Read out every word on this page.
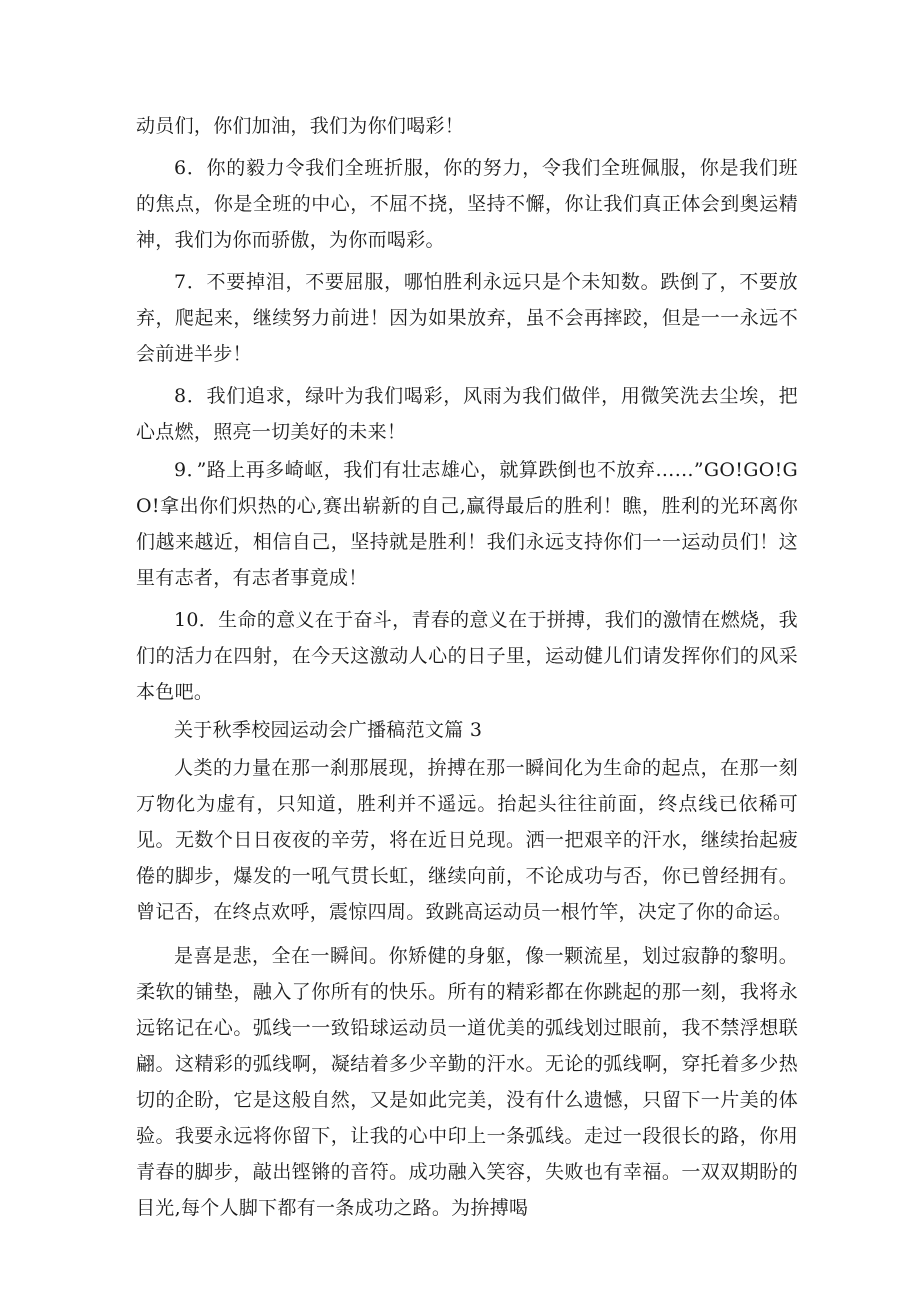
动员们，你们加油，我们为你们喝彩！

6．你的毅力令我们全班折服，你的努力，令我们全班佩服，你是我们班的焦点，你是全班的中心，不屈不挠，坚持不懈，你让我们真正体会到奥运精神，我们为你而骄傲，为你而喝彩。

7．不要掉泪，不要屈服，哪怕胜利永远只是个未知数。跌倒了，不要放弃，爬起来，继续努力前进！因为如果放弃，虽不会再摔跤，但是一一永远不会前进半步！

8．我们追求，绿叶为我们喝彩，风雨为我们做伴，用微笑洗去尘埃，把心点燃，照亮一切美好的未来！

9．”路上再多崎岖，我们有壮志雄心，就算跌倒也不放弃……”GO!GO!GO!拿出你们炽热的心,赛出崭新的自己,赢得最后的胜利！瞧，胜利的光环离你们越来越近，相信自己，坚持就是胜利！我们永远支持你们一一运动员们！这里有志者，有志者事竟成！

10．生命的意义在于奋斗，青春的意义在于拼搏，我们的激情在燃烧，我们的活力在四射，在今天这激动人心的日子里，运动健儿们请发挥你们的风采本色吧。

关于秋季校园运动会广播稿范文篇 3

人类的力量在那一刹那展现，拚搏在那一瞬间化为生命的起点，在那一刻万物化为虚有，只知道，胜利并不遥远。抬起头往往前面，终点线已依稀可见。无数个日日夜夜的辛劳，将在近日兑现。洒一把艰辛的汗水，继续抬起疲倦的脚步，爆发的一吼气贯长虹，继续向前，不论成功与否，你已曾经拥有。曾记否，在终点欢呼，震惊四周。致跳高运动员一根竹竿，决定了你的命运。

是喜是悲，全在一瞬间。你矫健的身躯，像一颗流星，划过寂静的黎明。柔软的铺垫，融入了你所有的快乐。所有的精彩都在你跳起的那一刻，我将永远铭记在心。弧线一一致铅球运动员一道优美的弧线划过眼前，我不禁浮想联翩。这精彩的弧线啊，凝结着多少辛勤的汗水。无论的弧线啊，穿托着多少热切的企盼，它是这般自然，又是如此完美，没有什么遗憾，只留下一片美的体验。我要永远将你留下，让我的心中印上一条弧线。走过一段很长的路，你用青春的脚步，敲出铿锵的音符。成功融入笑容，失败也有幸福。一双双期盼的目光,每个人脚下都有一条成功之路。为拚搏喝
